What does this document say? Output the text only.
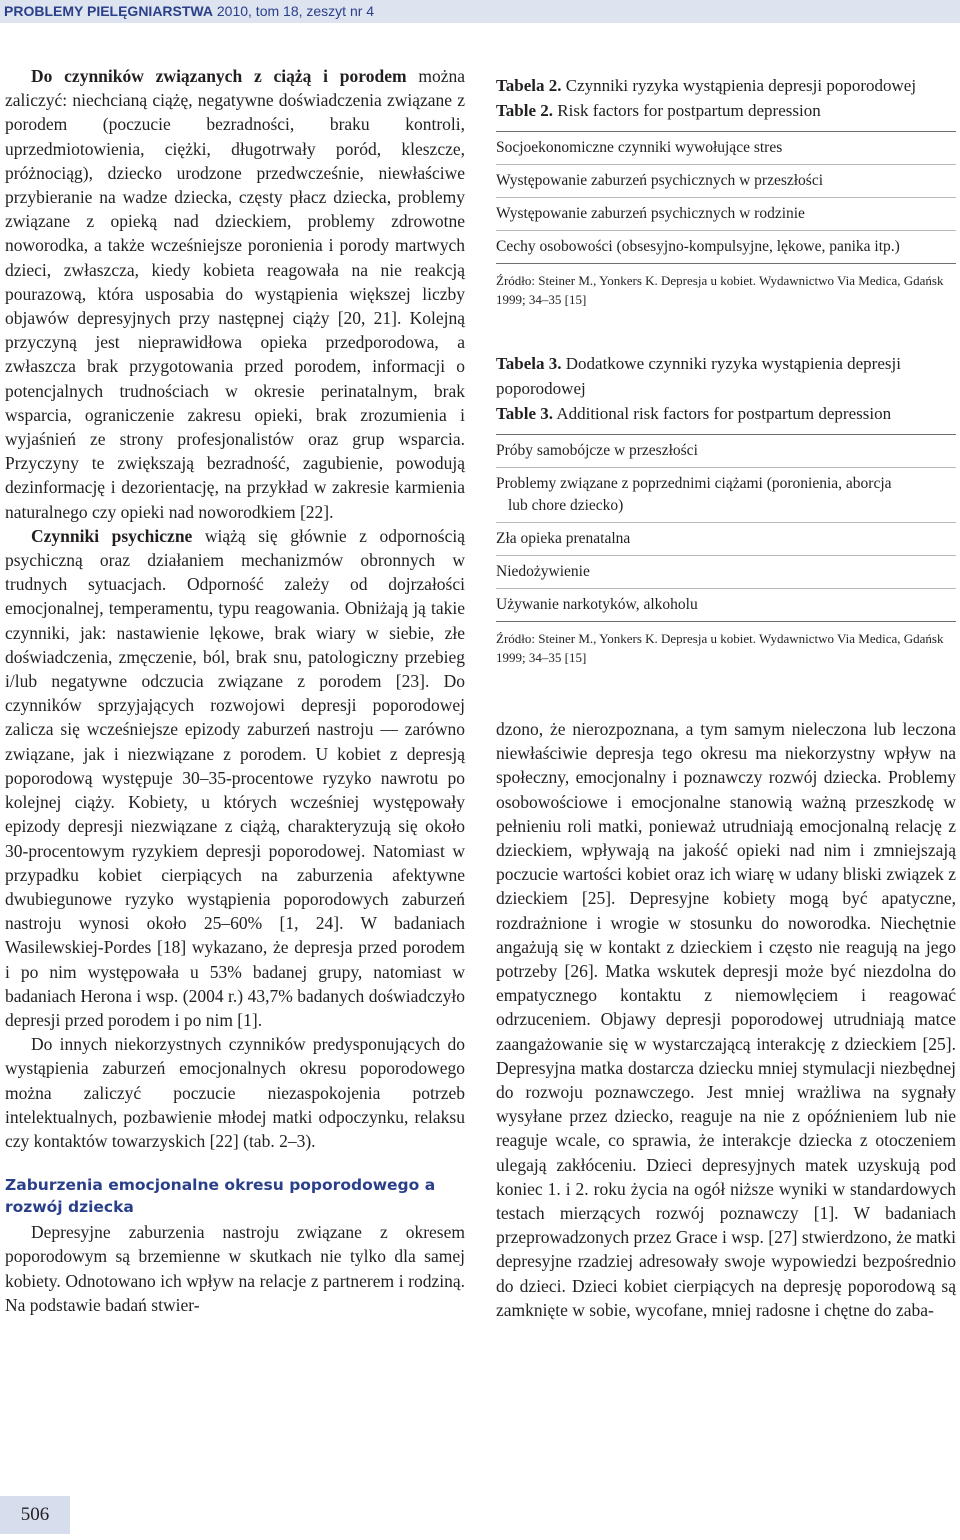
PROBLEMY PIELĘGNIARSTWA 2010, tom 18, zeszyt nr 4

Do czynników związanych z ciążą i porodem można zaliczyć: niechcianą ciążę, negatywne doświadczenia związane z porodem (poczucie bezradności, braku kontroli, uprzedmiotowienia, ciężki, długotrwały poród, kleszcze, próżnociąg), dziecko urodzone przedwcześnie, niewłaściwe przybieranie na wadze dziecka, częsty płacz dziecka, problemy związane z opieką nad dzieckiem, problemy zdrowotne noworodka, a także wcześniejsze poronienia i porody martwych dzieci, zwłaszcza, kiedy kobieta reagowała na nie reakcją pourazową, która usposabia do wystąpienia większej liczby objawów depresyjnych przy następnej ciąży [20, 21]. Kolejną przyczyną jest nieprawidłowa opieka przedporodowa, a zwłaszcza brak przygotowania przed porodem, informacji o potencjalnych trudnościach w okresie perinatalnym, brak wsparcia, ograniczenie zakresu opieki, brak zrozumienia i wyjaśnień ze strony profesjonalistów oraz grup wsparcia. Przyczyny te zwiększają bezradność, zagubienie, powodują dezinformację i dezorientację, na przykład w zakresie karmienia naturalnego czy opieki nad noworodkiem [22].

Czynniki psychiczne wiążą się głównie z odpornością psychiczną oraz działaniem mechanizmów obronnych w trudnych sytuacjach. Odporność zależy od dojrzałości emocjonalnej, temperamentu, typu reagowania. Obniżają ją takie czynniki, jak: nastawienie lękowe, brak wiary w siebie, złe doświadczenia, zmęczenie, ból, brak snu, patologiczny przebieg i/lub negatywne odczucia związane z porodem [23]. Do czynników sprzyjających rozwojowi depresji poporodowej zalicza się wcześniejsze epizody zaburzeń nastroju — zarówno związane, jak i niezwiązane z porodem. U kobiet z depresją poporodową występuje 30–35-procentowe ryzyko nawrotu po kolejnej ciąży. Kobiety, u których wcześniej występowały epizody depresji niezwiązane z ciążą, charakteryzują się około 30-procentowym ryzykiem depresji poporodowej. Natomiast w przypadku kobiet cierpiących na zaburzenia afektywne dwubiegunowe ryzyko wystąpienia poporodowych zaburzeń nastroju wynosi około 25–60% [1, 24]. W badaniach Wasilewskiej-Pordes [18] wykazano, że depresja przed porodem i po nim występowała u 53% badanej grupy, natomiast w badaniach Herona i wsp. (2004 r.) 43,7% badanych doświadczyło depresji przed porodem i po nim [1].

Do innych niekorzystnych czynników predysponujących do wystąpienia zaburzeń emocjonalnych okresu poporodowego można zaliczyć poczucie niezaspokojenia potrzeb intelektualnych, pozbawienie młodej matki odpoczynku, relaksu czy kontaktów towarzyskich [22] (tab. 2–3).

Zaburzenia emocjonalne okresu poporodowego a rozwój dziecka

Depresyjne zaburzenia nastroju związane z okresem poporodowym są brzemienne w skutkach nie tylko dla samej kobiety. Odnotowano ich wpływ na relacje z partnerem i rodziną. Na podstawie badań stwier-

Tabela 2. Czynniki ryzyka wystąpienia depresji poporodowej

Table 2. Risk factors for postpartum depression

Socjoekonomiczne czynniki wywołujące stres
Występowanie zaburzeń psychicznych w przeszłości
Występowanie zaburzeń psychicznych w rodzinie
Cechy osobowości (obsesyjno-kompulsyjne, lękowe, panika itp.)
Źródło: Steiner M., Yonkers K. Depresja u kobiet. Wydawnictwo Via Medica, Gdańsk 1999; 34–35 [15]

Tabela 3. Dodatkowe czynniki ryzyka wystąpienia depresji poporodowej

Table 3. Additional risk factors for postpartum depression

Próby samobójcze w przeszłości
Problemy związane z poprzednimi ciążami (poronienia, aborcja
lub chore dziecko)
Zła opieka prenatalna
Niedożywienie
Używanie narkotyków, alkoholu
Źródło: Steiner M., Yonkers K. Depresja u kobiet. Wydawnictwo Via Medica, Gdańsk 1999; 34–35 [15]

dzono, że nierozpoznana, a tym samym nieleczona lub leczona niewłaściwie depresja tego okresu ma niekorzystny wpływ na społeczny, emocjonalny i poznawczy rozwój dziecka. Problemy osobowościowe i emocjonalne stanowią ważną przeszkodę w pełnieniu roli matki, ponieważ utrudniają emocjonalną relację z dzieckiem, wpływają na jakość opieki nad nim i zmniejszają poczucie wartości kobiet oraz ich wiarę w udany bliski związek z dzieckiem [25]. Depresyjne kobiety mogą być apatyczne, rozdrażnione i wrogie w stosunku do noworodka. Niechętnie angażują się w kontakt z dzieckiem i często nie reagują na jego potrzeby [26]. Matka wskutek depresji może być niezdolna do empatycznego kontaktu z niemowlęciem i reagować odrzuceniem. Objawy depresji poporodowej utrudniają matce zaangażowanie się w wystarczającą interakcję z dzieckiem [25]. Depresyjna matka dostarcza dziecku mniej stymulacji niezbędnej do rozwoju poznawczego. Jest mniej wrażliwa na sygnały wysyłane przez dziecko, reaguje na nie z opóźnieniem lub nie reaguje wcale, co sprawia, że interakcje dziecka z otoczeniem ulegają zakłóceniu. Dzieci depresyjnych matek uzyskują pod koniec 1. i 2. roku życia na ogół niższe wyniki w standardowych testach mierzących rozwój poznawczy [1]. W badaniach przeprowadzonych przez Grace i wsp. [27] stwierdzono, że matki depresyjne rzadziej adresowały swoje wypowiedzi bezpośrednio do dzieci. Dzieci kobiet cierpiących na depresję poporodową są zamknięte w sobie, wycofane, mniej radosne i chętne do zaba-

506
